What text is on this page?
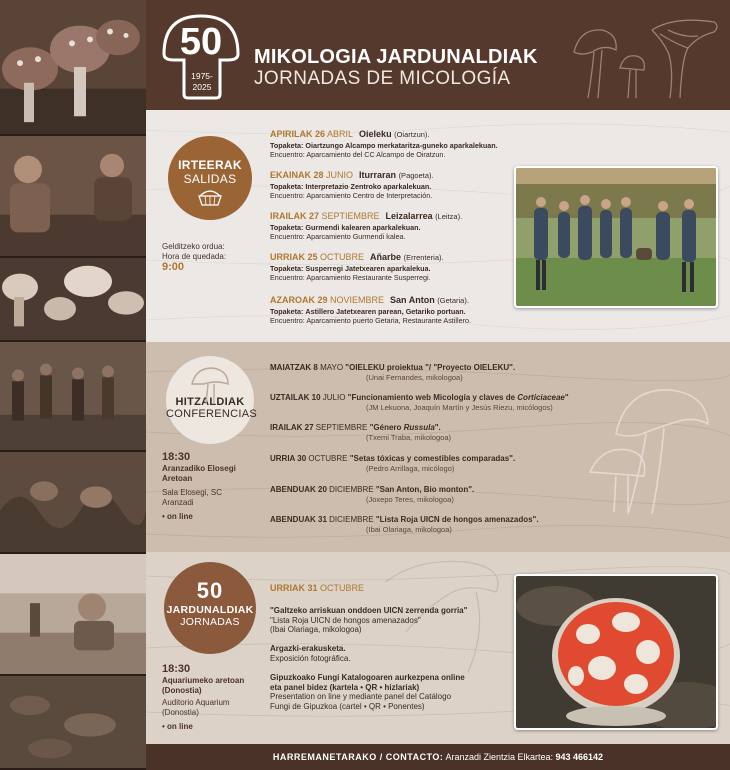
50
1975-
2025
MIKOLOGIA JARDUNALDIAK
JORNADAS DE MICOLOGÍA
IRTEERAK
SALIDAS
Gelditzeko ordua:
Hora de quedada:
9:00
APIRILAK 26 ABRIL Oieleku (Oiartzun).
Topaketa: Oiartzungo Alcampo merkataritza-guneko aparkalekuan.
Encuentro: Aparcamiento del CC Alcampo de Oiratzun.
EKAINAK 28 JUNIO Iturraran (Pagoeta).
Topaketa: Interpretazio Zentroko aparkalekuan.
Encuentro: Aparcamiento Centro de Interpretación.
IRAILAK 27 SEPTIEMBRE Leizalarrea (Leitza).
Topaketa: Gurmendi kalearen aparkalekuan.
Encuentro: Aparcamiento Gurmendi kalea.
URRIAK 25 OCTUBRE Añarbe (Errenteria).
Topaketa: Susperregi Jatetxearen aparkalekua.
Encuentro: Aparcamiento Restaurante Susperregi.
AZAROAK 29 NOVIEMBRE San Anton (Getaria).
Topaketa: Astillero Jatetxearen parean, Getariko portuan.
Encuentro: Aparcamiento puerto Getaria, Restaurante Astillero.
HITZALDIAK
CONFERENCIAS
18:30
Aranzadiko Elosegi
Aretoan
Sala Elosegi, SC
Aranzadi
• on line
MAIATZAK 8 MAYO "OIELEKU proiektua "/ "Proyecto OIELEKU".
(Unai Fernandes, mikologoa)
UZTAILAK 10 JULIO "Funcionamiento web Micología y claves de Corticiaceae"
(JM Lekuona, Joaquín Martín y Jesús Riezu, micólogos)
IRAILAK 27 SEPTIEMBRE "Género Russula".
(Txemi Traba, mikologoa)
URRIA 30 OCTUBRE "Setas tóxicas y comestibles comparadas".
(Pedro Arrillaga, micólogo)
ABENDUAK 20 DICIEMBRE "San Anton, Bio monton".
(Joxepo Teres, mikologoa)
ABENDUAK 31 DICIEMBRE "Lista Roja UICN de hongos amenazados".
(Ibai Olariaga, mikologoa)
50
JARDUNALDIAK
JORNADAS
18:30
Aquariumeko aretoan
(Donostia)
Auditorio Aquarium
(Donostia)
• on line
URRIAK 31 OCTUBRE
"Galtzeko arriskuan onddoen UICN zerrenda gorria"
"Lista Roja UICN de hongos amenazados"
(Ibai Olariaga, mikologoa)
Argazki-erakusketa.
Exposición fotográfica.
Gipuzkoako Fungi Katalogoaren aurkezpena online
eta panel bidez (kartela • QR • hizlariak)
Presentation on line y mediante panel del Catálogo
Fungi de Gipuzkoa (cartel • QR • Ponentes)
HARREMANETARAKO / CONTACTO: Aranzadi Zientzia Elkartea: 943 466142
